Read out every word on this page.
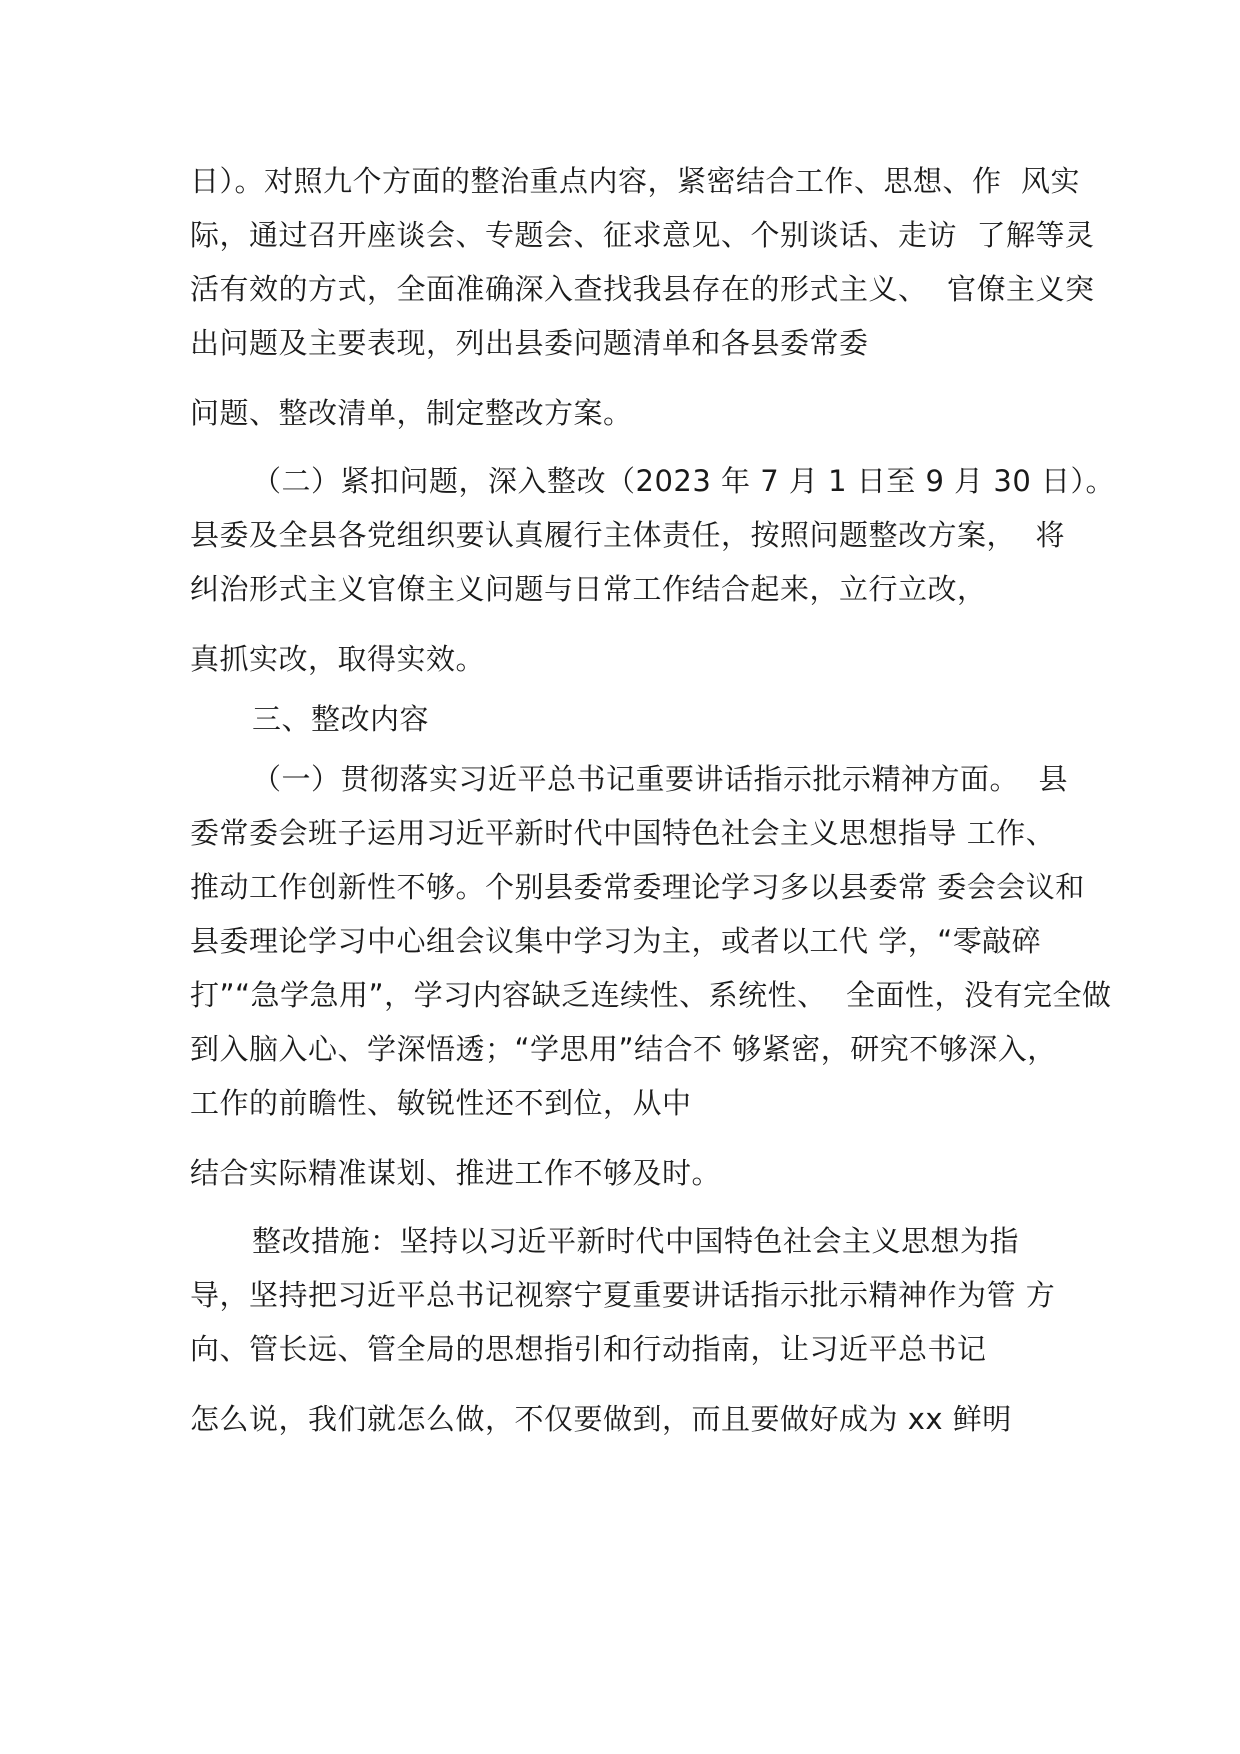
日）。对照九个方面的整治重点内容，紧密结合工作、思想、作  风实
际，通过召开座谈会、专题会、征求意见、个别谈话、走访  了解等灵
活有效的方式，全面准确深入查找我县存在的形式主义、  官僚主义突
出问题及主要表现，列出县委问题清单和各县委常委
问题、整改清单，制定整改方案。
（二）紧扣问题，深入整改（2023 年 7 月 1 日至 9 月 30 日）。
县委及全县各党组织要认真履行主体责任，按照问题整改方案，  将
纠治形式主义官僚主义问题与日常工作结合起来，立行立改，
真抓实改，取得实效。
三、整改内容
（一）贯彻落实习近平总书记重要讲话指示批示精神方面。  县
委常委会班子运用习近平新时代中国特色社会主义思想指导 工作、
推动工作创新性不够。个别县委常委理论学习多以县委常 委会会议和
县委理论学习中心组会议集中学习为主，或者以工代 学，“零敲碎
打”“急学急用”，学习内容缺乏连续性、系统性、  全面性，没有完全做
到入脑入心、学深悟透；“学思用”结合不 够紧密，研究不够深入，
工作的前瞻性、敏锐性还不到位，从中
结合实际精准谋划、推进工作不够及时。
整改措施：坚持以习近平新时代中国特色社会主义思想为指
导，坚持把习近平总书记视察宁夏重要讲话指示批示精神作为管 方
向、管长远、管全局的思想指引和行动指南，让习近平总书记
怎么说，我们就怎么做，不仅要做到，而且要做好成为 xx 鲜明
